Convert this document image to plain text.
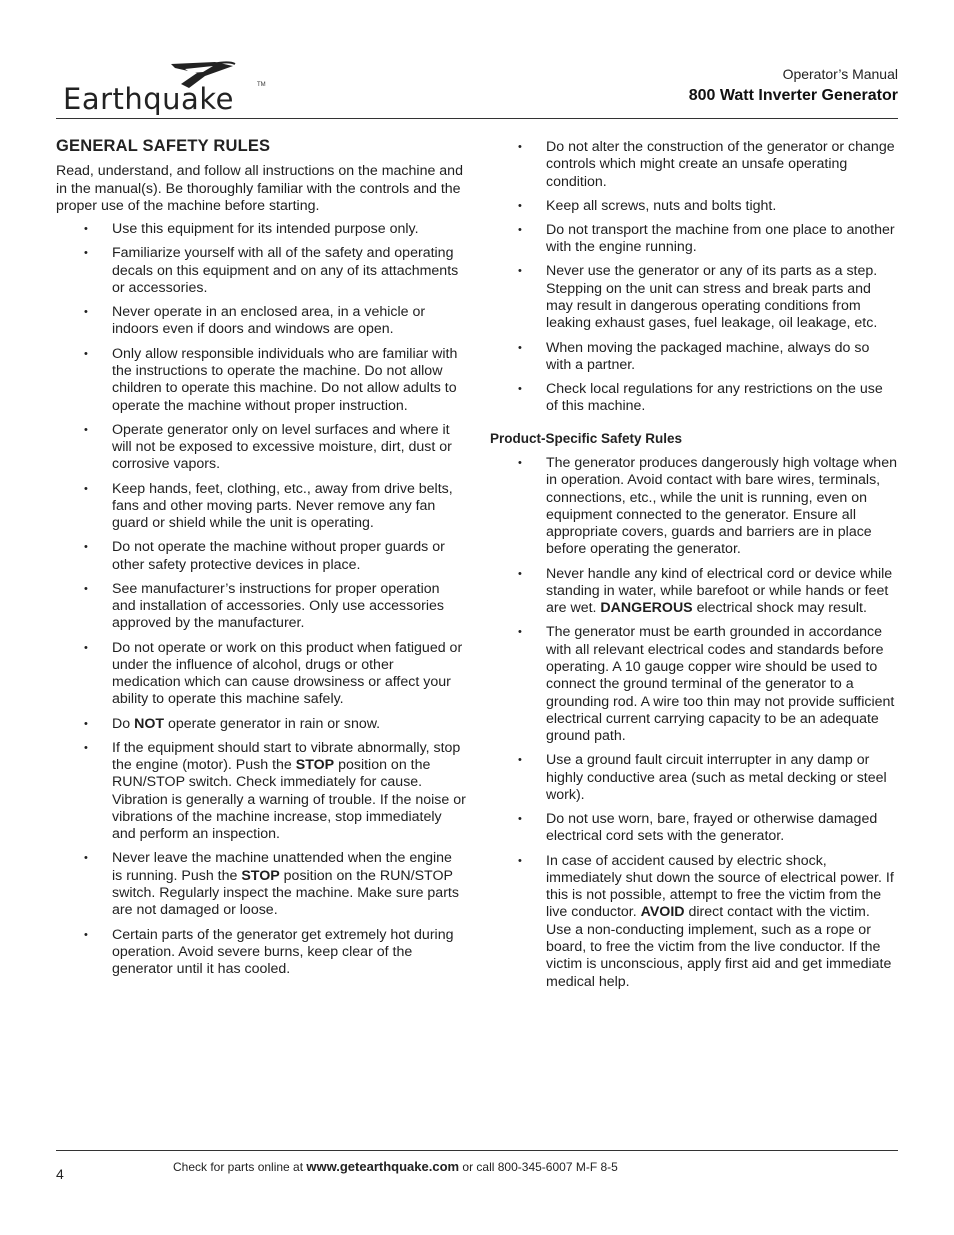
Earthquake	TM
Operator’s Manual
800 Watt Inverter Generator
GENERAL SAFETY RULES

Read, understand, and follow all instructions on the machine and in the manual(s). Be thoroughly familiar with the controls and the proper use of the machine before starting.

• Use this equipment for its intended purpose only.
• Familiarize yourself with all of the safety and operating decals on this equipment and on any of its attachments or accessories.
• Never operate in an enclosed area, in a vehicle or indoors even if doors and windows are open.
• Only allow responsible individuals who are familiar with the instructions to operate the machine. Do not allow children to operate this machine. Do not allow adults to operate the machine without proper instruction.
• Operate generator only on level surfaces and where it will not be exposed to excessive moisture, dirt, dust or corrosive vapors.
• Keep hands, feet, clothing, etc., away from drive belts, fans and other moving parts. Never remove any fan guard or shield while the unit is operating.
• Do not operate the machine without proper guards or other safety protective devices in place.
• See manufacturer’s instructions for proper operation and installation of accessories. Only use accessories approved by the manufacturer.
• Do not operate or work on this product when fatigued or under the influence of alcohol, drugs or other medication which can cause drowsiness or affect your ability to operate this machine safely.
• Do NOT operate generator in rain or snow.
• If the equipment should start to vibrate abnormally, stop the engine (motor). Push the STOP position on the RUN/STOP switch. Check immediately for cause. Vibration is generally a warning of trouble. If the noise or vibrations of the machine increase, stop immediately and perform an inspection.
• Never leave the machine unattended when the engine is running. Push the STOP position on the RUN/STOP switch. Regularly inspect the machine. Make sure parts are not damaged or loose.
• Certain parts of the generator get extremely hot during operation. Avoid severe burns, keep clear of the generator until it has cooled.
• Do not alter the construction of the generator or change controls which might create an unsafe operating condition.
• Keep all screws, nuts and bolts tight.
• Do not transport the machine from one place to another with the engine running.
• Never use the generator or any of its parts as a step. Stepping on the unit can stress and break parts and may result in dangerous operating conditions from leaking exhaust gases, fuel leakage, oil leakage, etc.
• When moving the packaged machine, always do so with a partner.
• Check local regulations for any restrictions on the use of this machine.
Product-Specific Safety Rules
• The generator produces dangerously high voltage when in operation. Avoid contact with bare wires, terminals, connections, etc., while the unit is running, even on equipment connected to the generator. Ensure all appropriate covers, guards and barriers are in place before operating the generator.
• Never handle any kind of electrical cord or device while standing in water, while barefoot or while hands or feet are wet. DANGEROUS electrical shock may result.
• The generator must be earth grounded in accordance with all relevant electrical codes and standards before operating. A 10 gauge copper wire should be used to connect the ground terminal of the generator to a grounding rod. A wire too thin may not provide sufficient electrical current carrying capacity to be an adequate ground path.
• Use a ground fault circuit interrupter in any damp or highly conductive area (such as metal decking or steel work).
• Do not use worn, bare, frayed or otherwise damaged electrical cord sets with the generator.
• In case of accident caused by electric shock, immediately shut down the source of electrical power. If this is not possible, attempt to free the victim from the live conductor. AVOID direct contact with the victim. Use a non-conducting implement, such as a rope or board, to free the victim from the live conductor. If the victim is unconscious, apply first aid and get immediate medical help.
4	Check for parts online at www.getearthquake.com or call 800-345-6007 M-F 8-5
